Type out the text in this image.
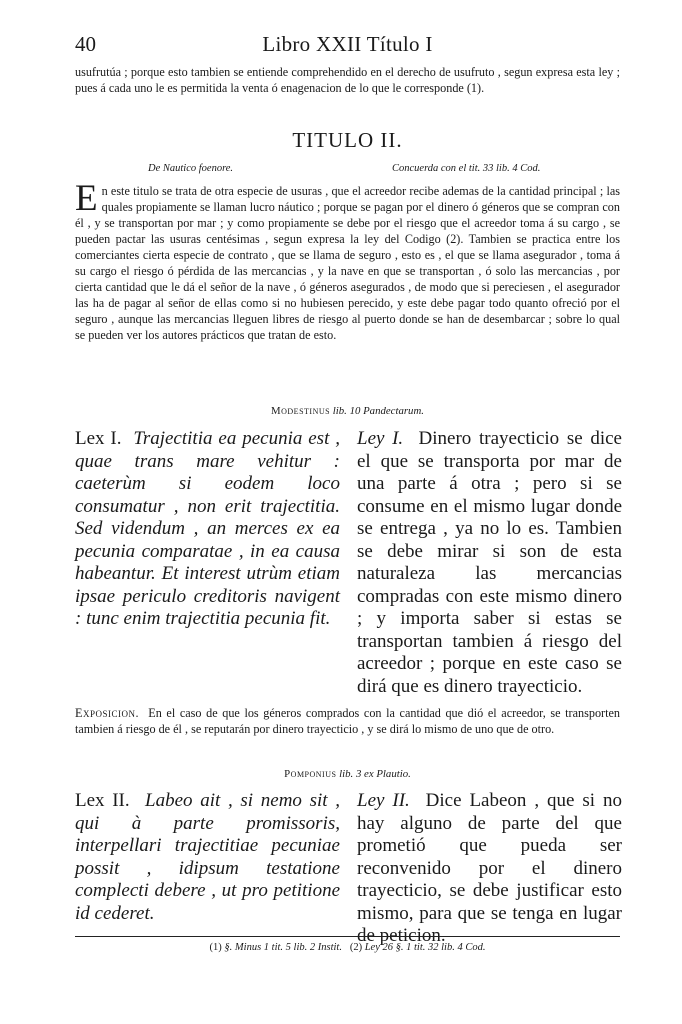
40	Libro XXII Título I

usufrutúa ; porque esto tambien se entiende comprehendido en el derecho de usufruto , segun expresa esta ley ; pues á cada uno le es permitida la venta ó enagenacion de lo que le corresponde (1).

TITULO II.
De Nautico foenore.	Concuerda con el tit. 33 lib. 4 Cod.

En este titulo se trata de otra especie de usuras , que el acreedor recibe ademas de la cantidad principal ; las quales propiamente se llaman lucro náutico ; porque se pagan por el dinero ó géneros que se compran con él , y se transportan por mar ; y como propiamente se debe por el riesgo que el acreedor toma á su cargo , se pueden pactar las usuras centésimas , segun expresa la ley del Codigo (2). Tambien se practica entre los comerciantes cierta especie de contrato , que se llama de seguro , esto es , el que se llama asegurador , toma á su cargo el riesgo ó pérdida de las mercancias , y la nave en que se transportan , ó solo las mercancias , por cierta cantidad que le dá el señor de la nave , ó géneros asegurados , de modo que si pereciesen , el asegurador las ha de pagar al señor de ellas como si no hubiesen perecido, y este debe pagar todo quanto ofreció por el seguro , aunque las mercancias lleguen libres de riesgo al puerto donde se han de desembarcar ; sobre lo qual se pueden ver los autores prácticos que tratan de esto.

Modestinus lib. 10 Pandectarum.

Lex I. Trajectitia ea pecunia est , quae trans mare vehitur : caeterùm si eodem loco consumatur , non erit trajectitia. Sed videndum , an merces ex ea pecunia comparatae , in ea causa habeantur. Et interest utrùm etiam ipsae periculo creditoris navigent : tunc enim trajectitia pecunia fit.

Ley I. Dinero trayecticio se dice el que se transporta por mar de una parte á otra ; pero si se consume en el mismo lugar donde se entrega , ya no lo es. Tambien se debe mirar si son de esta naturaleza las mercancias compradas con este mismo dinero ; y importa saber si estas se transportan tambien á riesgo del acreedor ; porque en este caso se dirá que es dinero trayecticio.

Exposicion. En el caso de que los géneros comprados con la cantidad que dió el acreedor, se transporten tambien á riesgo de él , se reputarán por dinero trayecticio , y se dirá lo mismo de uno que de otro.

Pomponius lib. 3 ex Plautio.

Lex II. Labeo ait , si nemo sit , qui à parte promissoris, interpellari trajectitiae pecuniae possit , idipsum testatione complecti debere , ut pro petitione id cederet.

Ley II. Dice Labeon , que si no hay alguno de parte del que prometió que pueda ser reconvenido por el dinero trayecticio, se debe justificar esto mismo, para que se tenga en lugar de peticion.

(1) §. Minus 1 tit. 5 lib. 2 Instit. (2) Ley 26 §. 1 tit. 32 lib. 4 Cod.
